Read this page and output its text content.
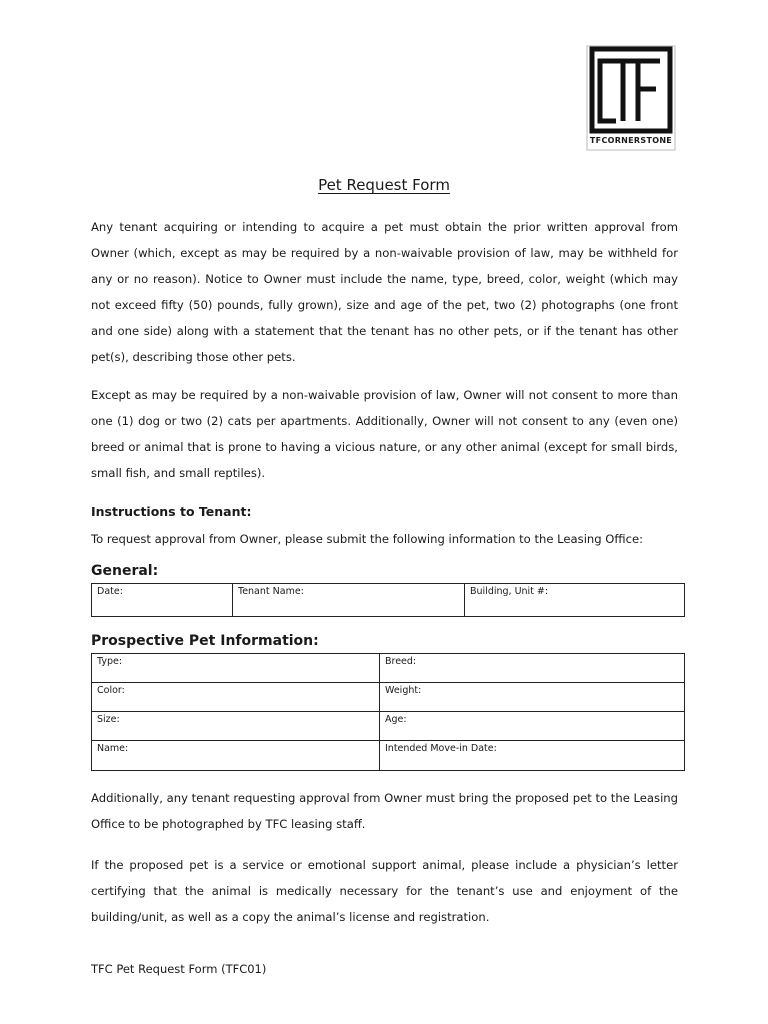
TFCORNERSTONE
Pet Request Form

Any tenant acquiring or intending to acquire a pet must obtain the prior written approval from Owner (which, except as may be required by a non-waivable provision of law, may be withheld for any or no reason). Notice to Owner must include the name, type, breed, color, weight (which may not exceed fifty (50) pounds, fully grown), size and age of the pet, two (2) photographs (one front and one side) along with a statement that the tenant has no other pets, or if the tenant has other pet(s), describing those other pets.

Except as may be required by a non-waivable provision of law, Owner will not consent to more than one (1) dog or two (2) cats per apartments. Additionally, Owner will not consent to any (even one) breed or animal that is prone to having a vicious nature, or any other animal (except for small birds, small fish, and small reptiles).

Instructions to Tenant:

To request approval from Owner, please submit the following information to the Leasing Office:

General:

Date:	Tenant Name:	Building, Unit #:

Prospective Pet Information:

Type:	Breed:
Color:	Weight:
Size:	Age:
Name:	Intended Move-in Date:

Additionally, any tenant requesting approval from Owner must bring the proposed pet to the Leasing Office to be photographed by TFC leasing staff.

If the proposed pet is a service or emotional support animal, please include a physician’s letter certifying that the animal is medically necessary for the tenant’s use and enjoyment of the building/unit, as well as a copy the animal’s license and registration.

TFC Pet Request Form (TFC01)
